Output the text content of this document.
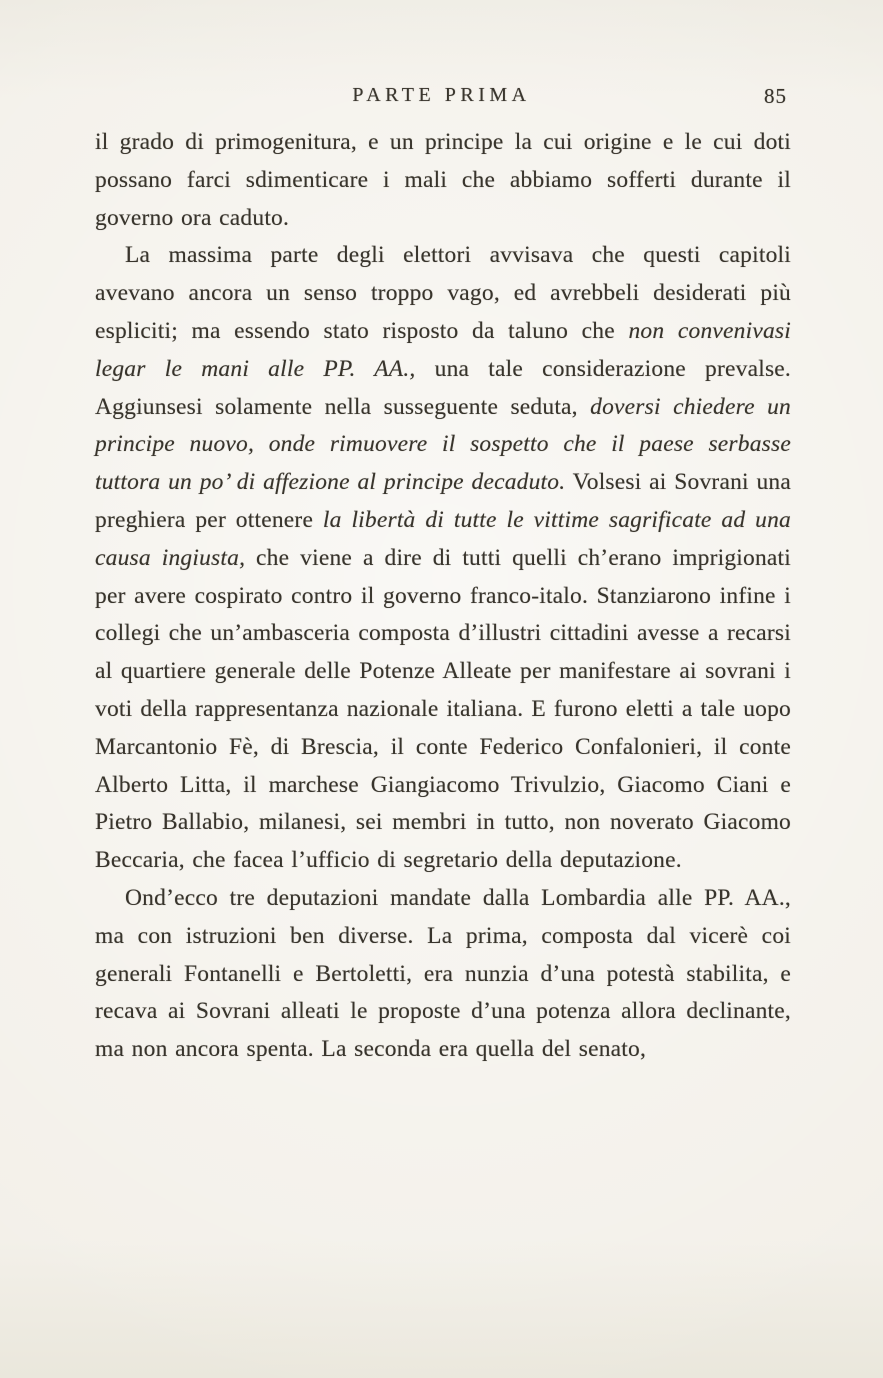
PARTE PRIMA	85

il grado di primogenitura, e un principe la cui origine e le cui doti possano farci sdimenticare i mali che abbiamo sofferti durante il governo ora caduto.

La massima parte degli elettori avvisava che questi capitoli avevano ancora un senso troppo vago, ed avrebbeli desiderati più espliciti; ma essendo stato risposto da taluno che non convenivasi legar le mani alle PP. AA., una tale considerazione prevalse. Aggiunsesi solamente nella susseguente seduta, doversi chiedere un principe nuovo, onde rimuovere il sospetto che il paese serbasse tuttora un po’ di affezione al principe decaduto. Volsesi ai Sovrani una preghiera per ottenere la libertà di tutte le vittime sagrificate ad una causa ingiusta, che viene a dire di tutti quelli ch’erano imprigionati per avere cospirato contro il governo franco-italo. Stanziarono infine i collegi che un’ambasceria composta d’illustri cittadini avesse a recarsi al quartiere generale delle Potenze Alleate per manifestare ai sovrani i voti della rappresentanza nazionale italiana. E furono eletti a tale uopo Marcantonio Fè, di Brescia, il conte Federico Confalonieri, il conte Alberto Litta, il marchese Giangiacomo Trivulzio, Giacomo Ciani e Pietro Ballabio, milanesi, sei membri in tutto, non noverato Giacomo Beccaria, che facea l’ufficio di segretario della deputazione.

Ond’ecco tre deputazioni mandate dalla Lombardia alle PP. AA., ma con istruzioni ben diverse. La prima, composta dal vicerè coi generali Fontanelli e Bertoletti, era nunzia d’una potestà stabilita, e recava ai Sovrani alleati le proposte d’una potenza allora declinante, ma non ancora spenta. La seconda era quella del senato,
